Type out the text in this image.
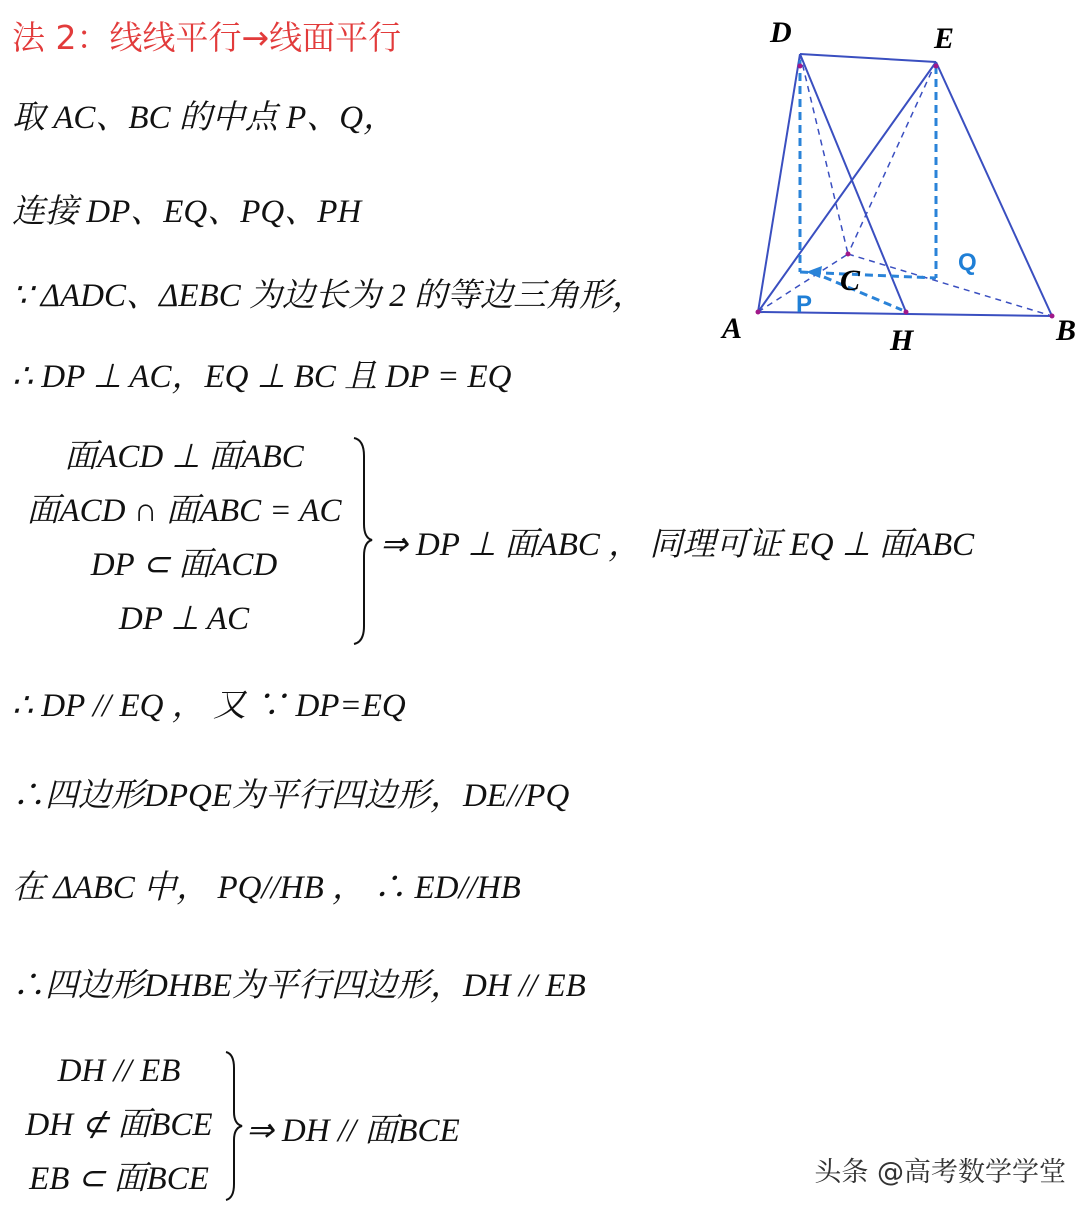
法 2：线线平行→线面平行
取 AC、BC 的中点 P、Q，
连接 DP、EQ、PQ、PH
∵ ΔADC、ΔEBC 为边长为 2 的等边三角形，
∴ DP ⊥ AC，EQ ⊥ BC 且 DP = EQ
面ACD ⊥ 面ABC
面ACD ∩ 面ABC = AC
DP ⊂ 面ACD
DP ⊥ AC
⇒ DP ⊥ 面ABC ， 同理可证 EQ ⊥ 面ABC
∴ DP // EQ ， 又 ∵ DP=EQ
∴四边形DPQE为平行四边形，DE//PQ
在 ΔABC 中， PQ//HB ， ∴ ED//HB
∴四边形DHBE为平行四边形，DH // EB
DH // EB
DH ⊄ 面BCE
EB ⊂ 面BCE
⇒ DH // 面BCE
头条 @高考数学学堂
D	E
A	B
C
H
P
Q
